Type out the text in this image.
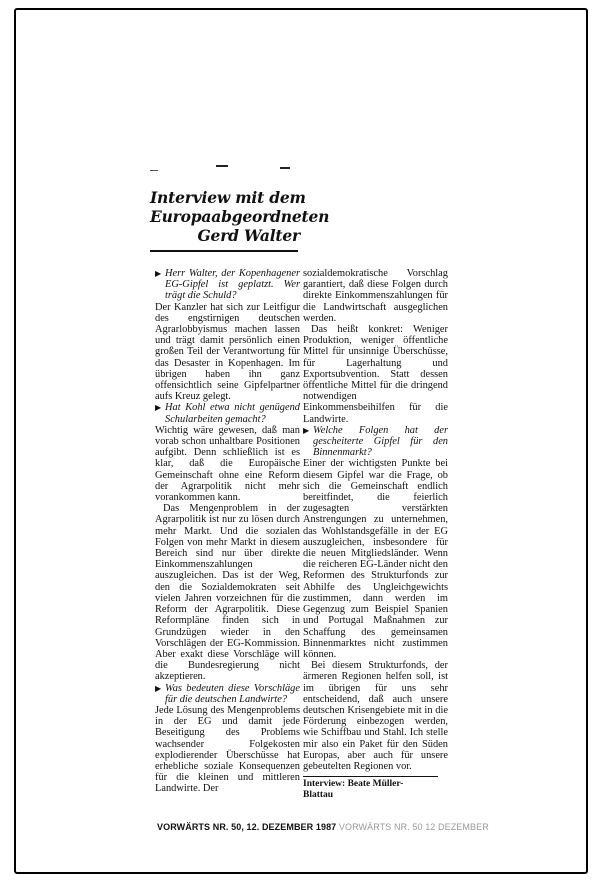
Interview mit dem
Europaabgeordneten
Gerd Walter

▶ Herr Walter, der Kopenhagener EG-Gipfel ist geplatzt. Wer trägt die Schuld?

Der Kanzler hat sich zur Leitfigur des engstirnigen deutschen Agrarlobbyismus machen lassen und trägt damit persönlich einen großen Teil der Verantwortung für das Desaster in Kopenhagen. Im übrigen haben ihn ganz offensichtlich seine Gipfelpartner aufs Kreuz gelegt.

▶ Hat Kohl etwa nicht genügend Schularbeiten gemacht?

Wichtig wäre gewesen, daß man vorab schon unhaltbare Positionen aufgibt. Denn schließlich ist es klar, daß die Europäische Gemeinschaft ohne eine Reform der Agrarpolitik nicht mehr vorankommen kann.

Das Mengenproblem in der Agrarpolitik ist nur zu lösen durch mehr Markt. Und die sozialen Folgen von mehr Markt in diesem Bereich sind nur über direkte Einkommenszahlungen auszugleichen. Das ist der Weg, den die Sozialdemokraten seit vielen Jahren vorzeichnen für die Reform der Agrarpolitik. Diese Reformpläne finden sich in Grundzügen wieder in den Vorschlägen der EG-Kommission. Aber exakt diese Vorschläge will die Bundesregierung nicht akzeptieren.

▶ Was bedeuten diese Vorschläge für die deutschen Landwirte?

Jede Lösung des Mengenproblems in der EG und damit jede Beseitigung des Problems wachsender Folgekosten explodierender Überschüsse hat erhebliche soziale Konsequenzen für die kleinen und mittleren Landwirte. Der

sozialdemokratische Vorschlag garantiert, daß diese Folgen durch direkte Einkommenszahlungen für die Landwirtschaft ausgeglichen werden.

Das heißt konkret: Weniger Produktion, weniger öffentliche Mittel für unsinnige Überschüsse, für Lagerhaltung und Exportsubvention. Statt dessen öffentliche Mittel für die dringend notwendigen Einkommensbeihilfen für die Landwirte.

▶ Welche Folgen hat der gescheiterte Gipfel für den Binnenmarkt?

Einer der wichtigsten Punkte bei diesem Gipfel war die Frage, ob sich die Gemeinschaft endlich bereitfindet, die feierlich zugesagten verstärkten Anstrengungen zu unternehmen, das Wohlstandsgefälle in der EG auszugleichen, insbesondere für die neuen Mitgliedsländer. Wenn die reicheren EG-Länder nicht den Reformen des Strukturfonds zur Abhilfe des Ungleichgewichts zustimmen, dann werden im Gegenzug zum Beispiel Spanien und Portugal Maßnahmen zur Schaffung des gemeinsamen Binnenmarktes nicht zustimmen können.

Bei diesem Strukturfonds, der ärmeren Regionen helfen soll, ist im übrigen für uns sehr entscheidend, daß auch unsere deutschen Krisengebiete mit in die Förderung einbezogen werden, wie Schiffbau und Stahl. Ich stelle mir also ein Paket für den Süden Europas, aber auch für unsere gebeutelten Regionen vor.

Interview: Beate Müller-
Blattau
VORWÄRTS NR. 50, 12. DEZEMBER 1987 VORWÄRTS NR. 50 12 DEZEMBER
